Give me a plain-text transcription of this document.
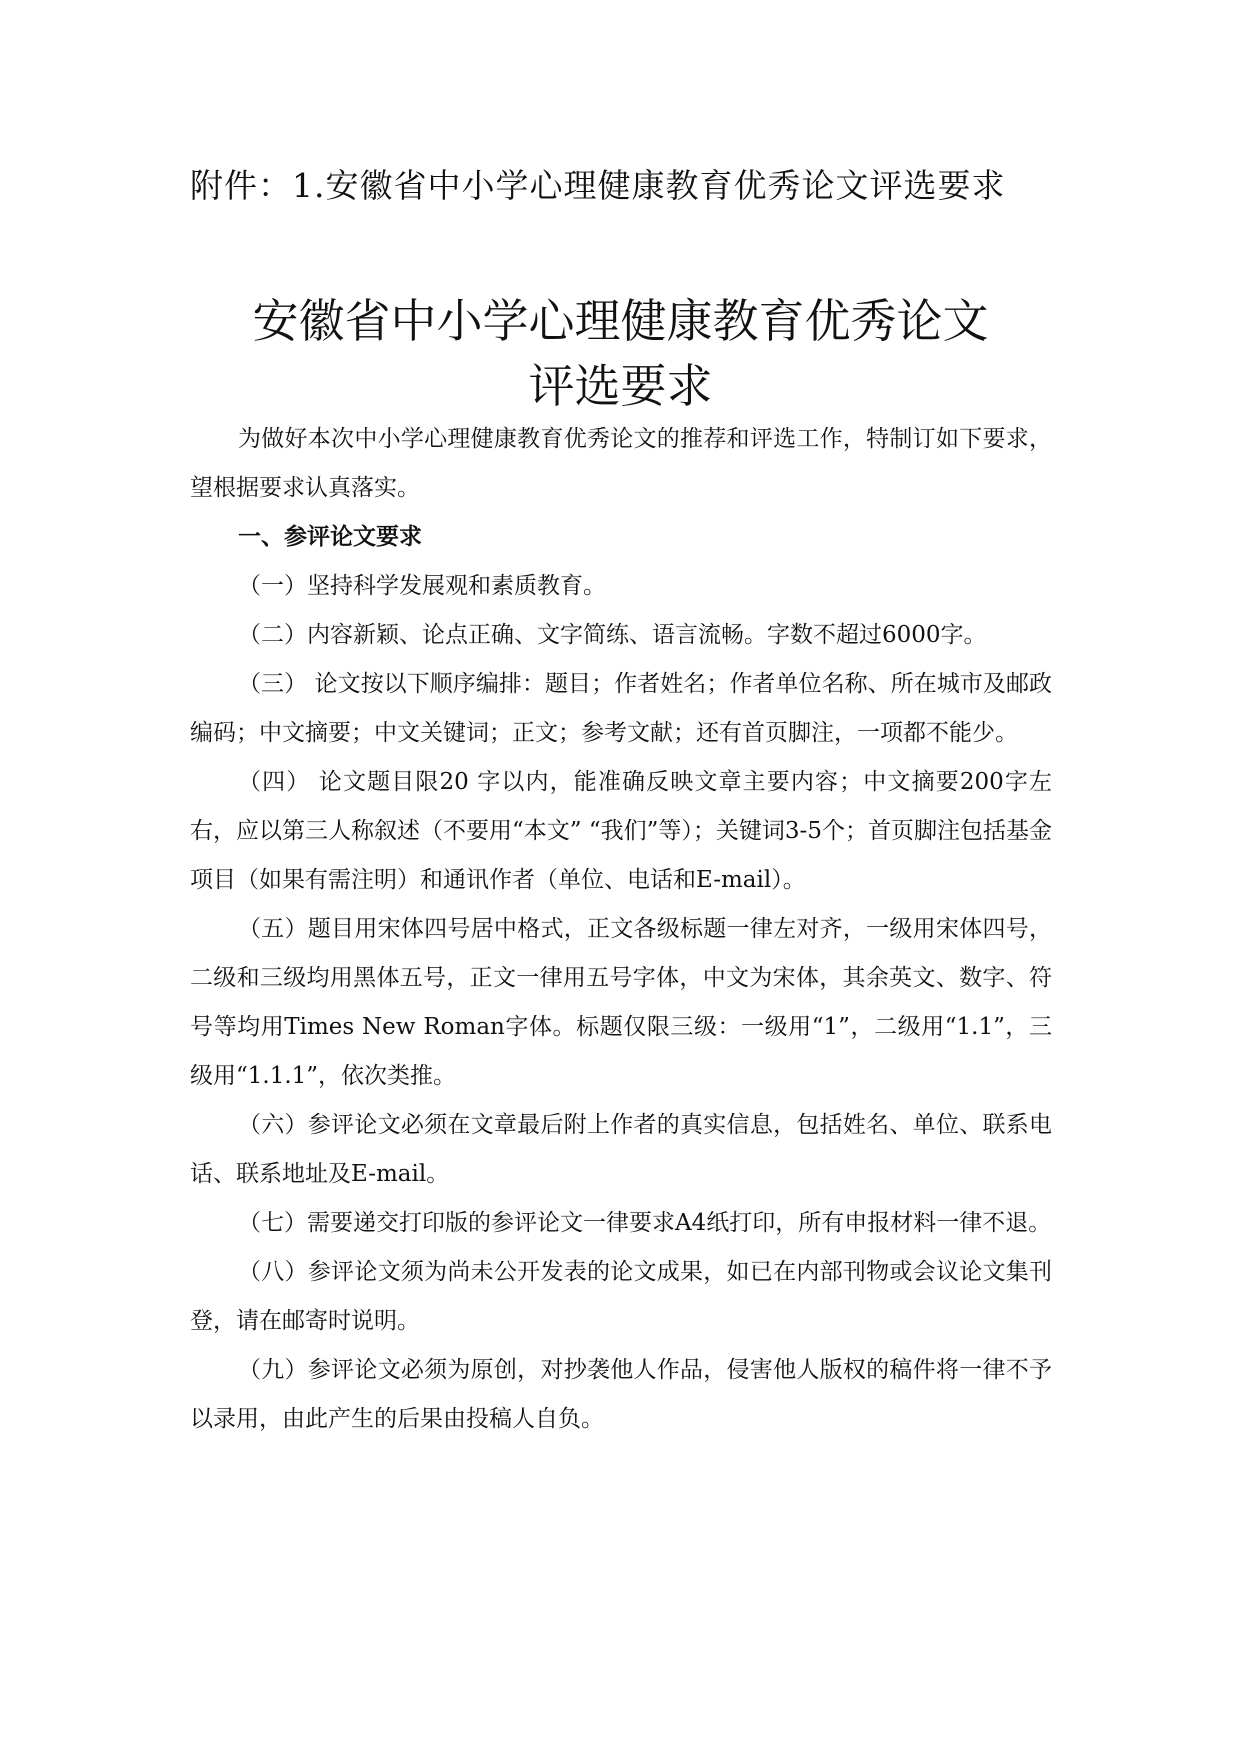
附件：1.安徽省中小学心理健康教育优秀论文评选要求
安徽省中小学心理健康教育优秀论文
评选要求

为做好本次中小学心理健康教育优秀论文的推荐和评选工作，特制订如下要求，望根据要求认真落实。

一、参评论文要求

（一）坚持科学发展观和素质教育。

（二）内容新颖、论点正确、文字简练、语言流畅。字数不超过6000字。

（三） 论文按以下顺序编排：题目；作者姓名；作者单位名称、所在城市及邮政编码；中文摘要；中文关键词；正文；参考文献；还有首页脚注，一项都不能少。

（四） 论文题目限20 字以内，能准确反映文章主要内容；中文摘要200字左右，应以第三人称叙述（不要用“本文” “我们”等）；关键词3-5个；首页脚注包括基金项目（如果有需注明）和通讯作者（单位、电话和E-mail）。

（五）题目用宋体四号居中格式，正文各级标题一律左对齐，一级用宋体四号，二级和三级均用黑体五号，正文一律用五号字体，中文为宋体，其余英文、数字、符号等均用Times New Roman字体。标题仅限三级：一级用“1”，二级用“1.1”，三级用“1.1.1”，依次类推。

（六）参评论文必须在文章最后附上作者的真实信息，包括姓名、单位、联系电话、联系地址及E-mail。

（七）需要递交打印版的参评论文一律要求A4纸打印，所有申报材料一律不退。

（八）参评论文须为尚未公开发表的论文成果，如已在内部刊物或会议论文集刊登，请在邮寄时说明。

（九）参评论文必须为原创，对抄袭他人作品，侵害他人版权的稿件将一律不予以录用，由此产生的后果由投稿人自负。
